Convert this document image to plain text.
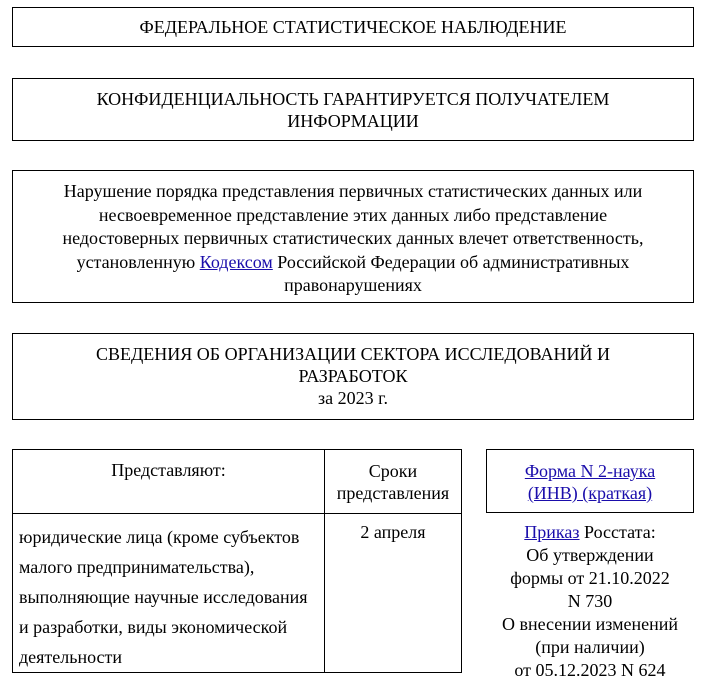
ФЕДЕРАЛЬНОЕ СТАТИСТИЧЕСКОЕ НАБЛЮДЕНИЕ
КОНФИДЕНЦИАЛЬНОСТЬ ГАРАНТИРУЕТСЯ ПОЛУЧАТЕЛЕМ
ИНФОРМАЦИИ
Нарушение порядка представления первичных статистических данных или
несвоевременное представление этих данных либо представление
недостоверных первичных статистических данных влечет ответственность,
установленную Кодексом Российской Федерации об административных
правонарушениях
СВЕДЕНИЯ ОБ ОРГАНИЗАЦИИ СЕКТОРА ИССЛЕДОВАНИЙ И
РАЗРАБОТОК
за 2023 г.
Представляют:	Сроки
представления

юридические лица (кроме субъектов малого предпринимательства), выполняющие научные исследования и разработки, виды экономической деятельности	2 апреля
Форма N 2-наука
(ИНВ) (краткая)
Приказ Росстата:
Об утверждении
формы от 21.10.2022
N 730
О внесении изменений
(при наличии)
от 05.12.2023 N 624
